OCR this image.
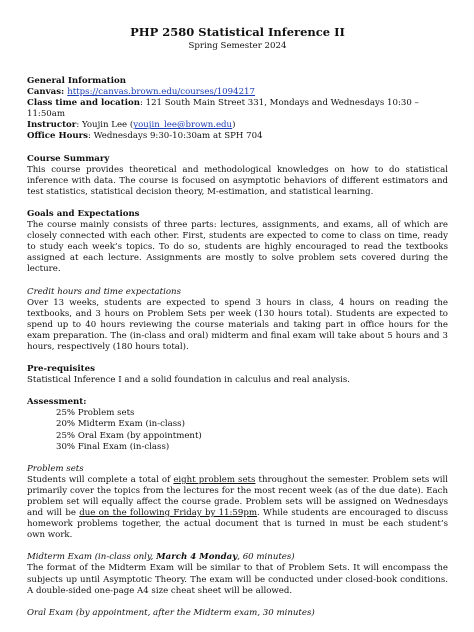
PHP 2580 Statistical Inference II
Spring Semester 2024
General Information
Canvas: https://canvas.brown.edu/courses/1094217
Class time and location: 121 South Main Street 331, Mondays and Wednesdays 10:30 – 11:50am
Instructor: Youjin Lee (youjin_lee@brown.edu)
Office Hours: Wednesdays 9:30-10:30am at SPH 704
Course Summary

This course provides theoretical and methodological knowledges on how to do statistical inference with data. The course is focused on asymptotic behaviors of different estimators and test statistics, statistical decision theory, M-estimation, and statistical learning.

Goals and Expectations

The course mainly consists of three parts: lectures, assignments, and exams, all of which are closely connected with each other. First, students are expected to come to class on time, ready to study each week’s topics. To do so, students are highly encouraged to read the textbooks assigned at each lecture. Assignments are mostly to solve problem sets covered during the lecture.

Credit hours and time expectations

Over 13 weeks, students are expected to spend 3 hours in class, 4 hours on reading the textbooks, and 3 hours on Problem Sets per week (130 hours total). Students are expected to spend up to 40 hours reviewing the course materials and taking part in office hours for the exam preparation. The (in-class and oral) midterm and final exam will take about 5 hours and 3 hours, respectively (180 hours total).

Pre-requisites

Statistical Inference I and a solid foundation in calculus and real analysis.

Assessment:
25% Problem sets
20% Midterm Exam (in-class)
25% Oral Exam (by appointment)
30% Final Exam (in-class)
Problem sets

Students will complete a total of eight problem sets throughout the semester. Problem sets will primarily cover the topics from the lectures for the most recent week (as of the due date). Each problem set will equally affect the course grade. Problem sets will be assigned on Wednesdays and will be due on the following Friday by 11:59pm. While students are encouraged to discuss homework problems together, the actual document that is turned in must be each student’s own work.

Midterm Exam (in-class only, March 4 Monday, 60 minutes)

The format of the Midterm Exam will be similar to that of Problem Sets. It will encompass the subjects up until Asymptotic Theory. The exam will be conducted under closed-book conditions. A double-sided one-page A4 size cheat sheet will be allowed.

Oral Exam (by appointment, after the Midterm exam, 30 minutes)
